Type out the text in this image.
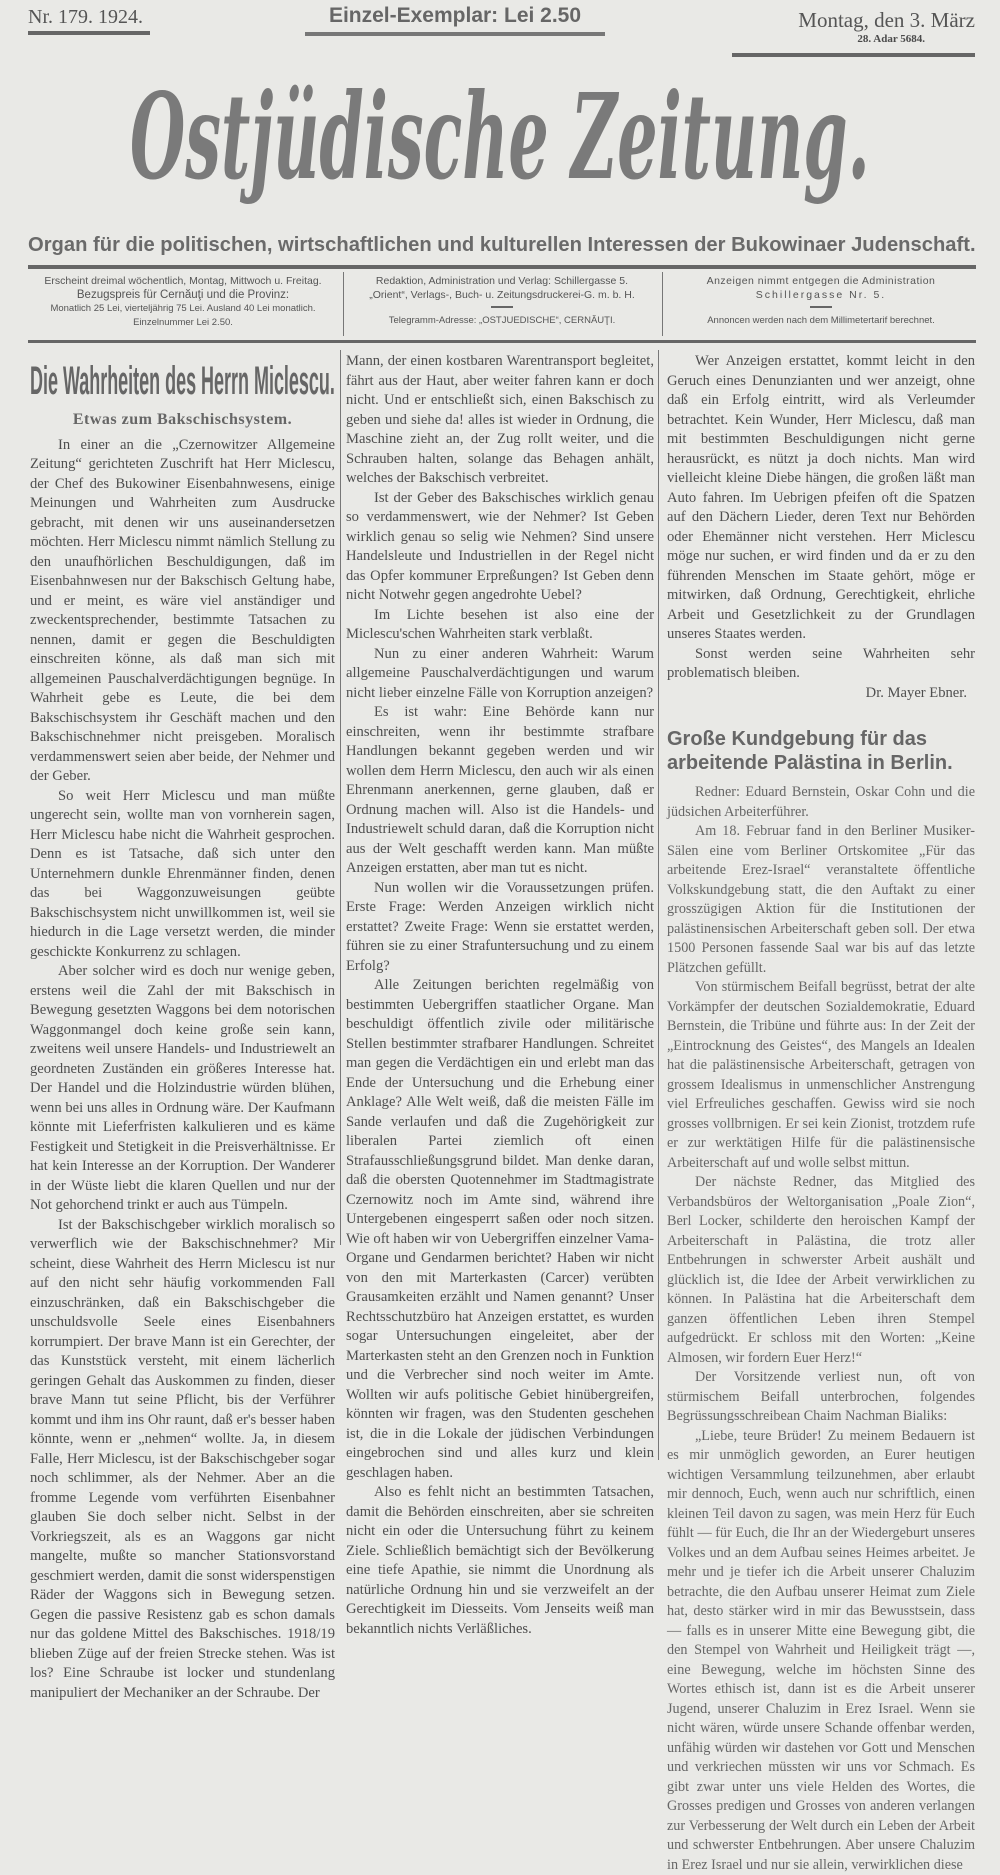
Nr. 179. 1924.	Einzel-Exemplar: Lei 2.50	Montag, den 3. März
28. Adar 5684.
Ostjüdische Zeitung.
Organ für die politischen, wirtschaftlichen und kulturellen Interessen der Bukowinaer Judenschaft.
Erscheint dreimal wöchentlich, Montag, Mittwoch u. Freitag.
Bezugspreis für Cernăuţi und die Provinz:
Monatlich 25 Lei, vierteljährig 75 Lei. Ausland 40 Lei monatlich.
Einzelnummer Lei 2.50.
Redaktion, Administration und Verlag: Schillergasse 5.
„Orient“, Verlags-, Buch- u. Zeitungsdruckerei-G. m. b. H.
Telegramm-Adresse: „OSTJUEDISCHE“, CERNĂUŢI.
Anzeigen nimmt entgegen die Administration
Schillergasse Nr. 5.
Annoncen werden nach dem Millimetertarif berechnet.
Die Wahrheiten des Herrn Miclescu.
Etwas zum Bakschischsystem.

In einer an die „Czernowitzer Allgemeine Zeitung“ gerichteten Zuschrift hat Herr Miclescu, der Chef des Bukowiner Eisenbahnwesens, einige Meinungen und Wahrheiten zum Ausdrucke gebracht, mit denen wir uns auseinandersetzen möchten. Herr Miclescu nimmt nämlich Stellung zu den unaufhörlichen Beschuldigungen, daß im Eisenbahnwesen nur der Bakschisch Geltung habe, und er meint, es wäre viel anständiger und zweckentsprechender, bestimmte Tatsachen zu nennen, damit er gegen die Beschuldigten einschreiten könne, als daß man sich mit allgemeinen Pauschalverdächtigungen begnüge. In Wahrheit gebe es Leute, die bei dem Bakschischsystem ihr Geschäft machen und den Bakschischnehmer nicht preisgeben. Moralisch verdammenswert seien aber beide, der Nehmer und der Geber.

So weit Herr Miclescu und man müßte ungerecht sein, wollte man von vornherein sagen, Herr Miclescu habe nicht die Wahrheit gesprochen. Denn es ist Tatsache, daß sich unter den Unternehmern dunkle Ehrenmänner finden, denen das bei Waggonzuweisungen geübte Bakschischsystem nicht unwillkommen ist, weil sie hiedurch in die Lage versetzt werden, die minder geschickte Konkurrenz zu schlagen.

Aber solcher wird es doch nur wenige geben, erstens weil die Zahl der mit Bakschisch in Bewegung gesetzten Waggons bei dem notorischen Waggonmangel doch keine große sein kann, zweitens weil unsere Handels- und Industriewelt an geordneten Zuständen ein größeres Interesse hat. Der Handel und die Holzindustrie würden blühen, wenn bei uns alles in Ordnung wäre. Der Kaufmann könnte mit Lieferfristen kalkulieren und es käme Festigkeit und Stetigkeit in die Preisverhältnisse. Er hat kein Interesse an der Korruption. Der Wanderer in der Wüste liebt die klaren Quellen und nur der Not gehorchend trinkt er auch aus Tümpeln.

Ist der Bakschischgeber wirklich moralisch so verwerflich wie der Bakschischnehmer? Mir scheint, diese Wahrheit des Herrn Miclescu ist nur auf den nicht sehr häufig vorkommenden Fall einzuschränken, daß ein Bakschischgeber die unschuldsvolle Seele eines Eisenbahners korrumpiert. Der brave Mann ist ein Gerechter, der das Kunststück versteht, mit einem lächerlich geringen Gehalt das Auskommen zu finden, dieser brave Mann tut seine Pflicht, bis der Verführer kommt und ihm ins Ohr raunt, daß er's besser haben könnte, wenn er „nehmen“ wollte. Ja, in diesem Falle, Herr Miclescu, ist der Bakschischgeber sogar noch schlimmer, als der Nehmer. Aber an die fromme Legende vom verführten Eisenbahner glauben Sie doch selber nicht. Selbst in der Vorkriegszeit, als es an Waggons gar nicht mangelte, mußte so mancher Stationsvorstand geschmiert werden, damit die sonst widerspenstigen Räder der Waggons sich in Bewegung setzen. Gegen die passive Resistenz gab es schon damals nur das goldene Mittel des Bakschisches. 1918/19 blieben Züge auf der freien Strecke stehen. Was ist los? Eine Schraube ist locker und stundenlang manipuliert der Mechaniker an der Schraube. Der

Mann, der einen kostbaren Warentransport begleitet, fährt aus der Haut, aber weiter fahren kann er doch nicht. Und er entschließt sich, einen Bakschisch zu geben und siehe da! alles ist wieder in Ordnung, die Maschine zieht an, der Zug rollt weiter, und die Schrauben halten, solange das Behagen anhält, welches der Bakschisch verbreitet.

Ist der Geber des Bakschisches wirklich genau so verdammenswert, wie der Nehmer? Ist Geben wirklich genau so selig wie Nehmen? Sind unsere Handelsleute und Industriellen in der Regel nicht das Opfer kommuner Erpreßungen? Ist Geben denn nicht Notwehr gegen angedrohte Uebel?

Im Lichte besehen ist also eine der Miclescu'schen Wahrheiten stark verblaßt.

Nun zu einer anderen Wahrheit: Warum allgemeine Pauschalverdächtigungen und warum nicht lieber einzelne Fälle von Korruption anzeigen?

Es ist wahr: Eine Behörde kann nur einschreiten, wenn ihr bestimmte strafbare Handlungen bekannt gegeben werden und wir wollen dem Herrn Miclescu, den auch wir als einen Ehrenmann anerkennen, gerne glauben, daß er Ordnung machen will. Also ist die Handels- und Industriewelt schuld daran, daß die Korruption nicht aus der Welt geschafft werden kann. Man müßte Anzeigen erstatten, aber man tut es nicht.

Nun wollen wir die Voraussetzungen prüfen. Erste Frage: Werden Anzeigen wirklich nicht erstattet? Zweite Frage: Wenn sie erstattet werden, führen sie zu einer Strafuntersuchung und zu einem Erfolg?

Alle Zeitungen berichten regelmäßig von bestimmten Uebergriffen staatlicher Organe. Man beschuldigt öffentlich zivile oder militärische Stellen bestimmter strafbarer Handlungen. Schreitet man gegen die Verdächtigen ein und erlebt man das Ende der Untersuchung und die Erhebung einer Anklage? Alle Welt weiß, daß die meisten Fälle im Sande verlaufen und daß die Zugehörigkeit zur liberalen Partei ziemlich oft einen Strafausschließungsgrund bildet. Man denke daran, daß die obersten Quotennehmer im Stadtmagistrate Czernowitz noch im Amte sind, während ihre Untergebenen eingesperrt saßen oder noch sitzen. Wie oft haben wir von Uebergriffen einzelner Vama-Organe und Gendarmen berichtet? Haben wir nicht von den mit Marterkasten (Carcer) verübten Grausamkeiten erzählt und Namen genannt? Unser Rechtsschutzbüro hat Anzeigen erstattet, es wurden sogar Untersuchungen eingeleitet, aber der Marterkasten steht an den Grenzen noch in Funktion und die Verbrecher sind noch weiter im Amte. Wollten wir aufs politische Gebiet hinübergreifen, könnten wir fragen, was den Studenten geschehen ist, die in die Lokale der jüdischen Verbindungen eingebrochen sind und alles kurz und klein geschlagen haben.

Also es fehlt nicht an bestimmten Tatsachen, damit die Behörden einschreiten, aber sie schreiten nicht ein oder die Untersuchung führt zu keinem Ziele. Schließlich bemächtigt sich der Bevölkerung eine tiefe Apathie, sie nimmt die Unordnung als natürliche Ordnung hin und sie verzweifelt an der Gerechtigkeit im Diesseits. Vom Jenseits weiß man bekanntlich nichts Verläßliches.

Wer Anzeigen erstattet, kommt leicht in den Geruch eines Denunzianten und wer anzeigt, ohne daß ein Erfolg eintritt, wird als Verleumder betrachtet. Kein Wunder, Herr Miclescu, daß man mit bestimmten Beschuldigungen nicht gerne herausrückt, es nützt ja doch nichts. Man wird vielleicht kleine Diebe hängen, die großen läßt man Auto fahren. Im Uebrigen pfeifen oft die Spatzen auf den Dächern Lieder, deren Text nur Behörden oder Ehemänner nicht verstehen. Herr Miclescu möge nur suchen, er wird finden und da er zu den führenden Menschen im Staate gehört, möge er mitwirken, daß Ordnung, Gerechtigkeit, ehrliche Arbeit und Gesetzlichkeit zu der Grundlagen unseres Staates werden.

Sonst werden seine Wahrheiten sehr problematisch bleiben.

Dr. Mayer Ebner.
Große Kundgebung für das arbeitende Palästina in Berlin.

Redner: Eduard Bernstein, Oskar Cohn und die jüdsichen Arbeiterführer.

Am 18. Februar fand in den Berliner Musiker-Sälen eine vom Berliner Ortskomitee „Für das arbeitende Erez-Israel“ veranstaltete öffentliche Volkskundgebung statt, die den Auftakt zu einer grosszügigen Aktion für die Institutionen der palästinensischen Arbeiterschaft geben soll. Der etwa 1500 Personen fassende Saal war bis auf das letzte Plätzchen gefüllt.

Von stürmischem Beifall begrüsst, betrat der alte Vorkämpfer der deutschen Sozialdemokratie, Eduard Bernstein, die Tribüne und führte aus: In der Zeit der „Eintrocknung des Geistes“, des Mangels an Idealen hat die palästinensische Arbeiterschaft, getragen von grossem Idealismus in unmenschlicher Anstrengung viel Erfreuliches geschaffen. Gewiss wird sie noch grosses vollbrnigen. Er sei kein Zionist, trotzdem rufe er zur werktätigen Hilfe für die palästinensische Arbeiterschaft auf und wolle selbst mittun.

Der nächste Redner, das Mitglied des Verbandsbüros der Weltorganisation „Poale Zion“, Berl Locker, schilderte den heroischen Kampf der Arbeiterschaft in Palästina, die trotz aller Entbehrungen in schwerster Arbeit aushält und glücklich ist, die Idee der Arbeit verwirklichen zu können. In Palästina hat die Arbeiterschaft dem ganzen öffentlichen Leben ihren Stempel aufgedrückt. Er schloss mit den Worten: „Keine Almosen, wir fordern Euer Herz!“

Der Vorsitzende verliest nun, oft von stürmischem Beifall unterbrochen, folgendes Begrüssungsschreibean Chaim Nachman Bialiks:

„Liebe, teure Brüder! Zu meinem Bedauern ist es mir unmöglich geworden, an Eurer heutigen wichtigen Versammlung teilzunehmen, aber erlaubt mir dennoch, Euch, wenn auch nur schriftlich, einen kleinen Teil davon zu sagen, was mein Herz für Euch fühlt — für Euch, die Ihr an der Wiedergeburt unseres Volkes und an dem Aufbau seines Heimes arbeitet. Je mehr und je tiefer ich die Arbeit unserer Chaluzim betrachte, die den Aufbau unserer Heimat zum Ziele hat, desto stärker wird in mir das Bewusstsein, dass — falls es in unserer Mitte eine Bewegung gibt, die den Stempel von Wahrheit und Heiligkeit trägt —, eine Bewegung, welche im höchsten Sinne des Wortes ethisch ist, dann ist es die Arbeit unserer Jugend, unserer Chaluzim in Erez Israel. Wenn sie nicht wären, würde unsere Schande offenbar werden, unfähig würden wir dastehen vor Gott und Menschen und verkriechen müssten wir uns vor Schmach. Es gibt zwar unter uns viele Helden des Wortes, die Grosses predigen und Grosses von anderen verlangen zur Verbesserung der Welt durch ein Leben der Arbeit und schwerster Entbehrungen. Aber unsere Chaluzim in Erez Israel und nur sie allein, verwirklichen diese
